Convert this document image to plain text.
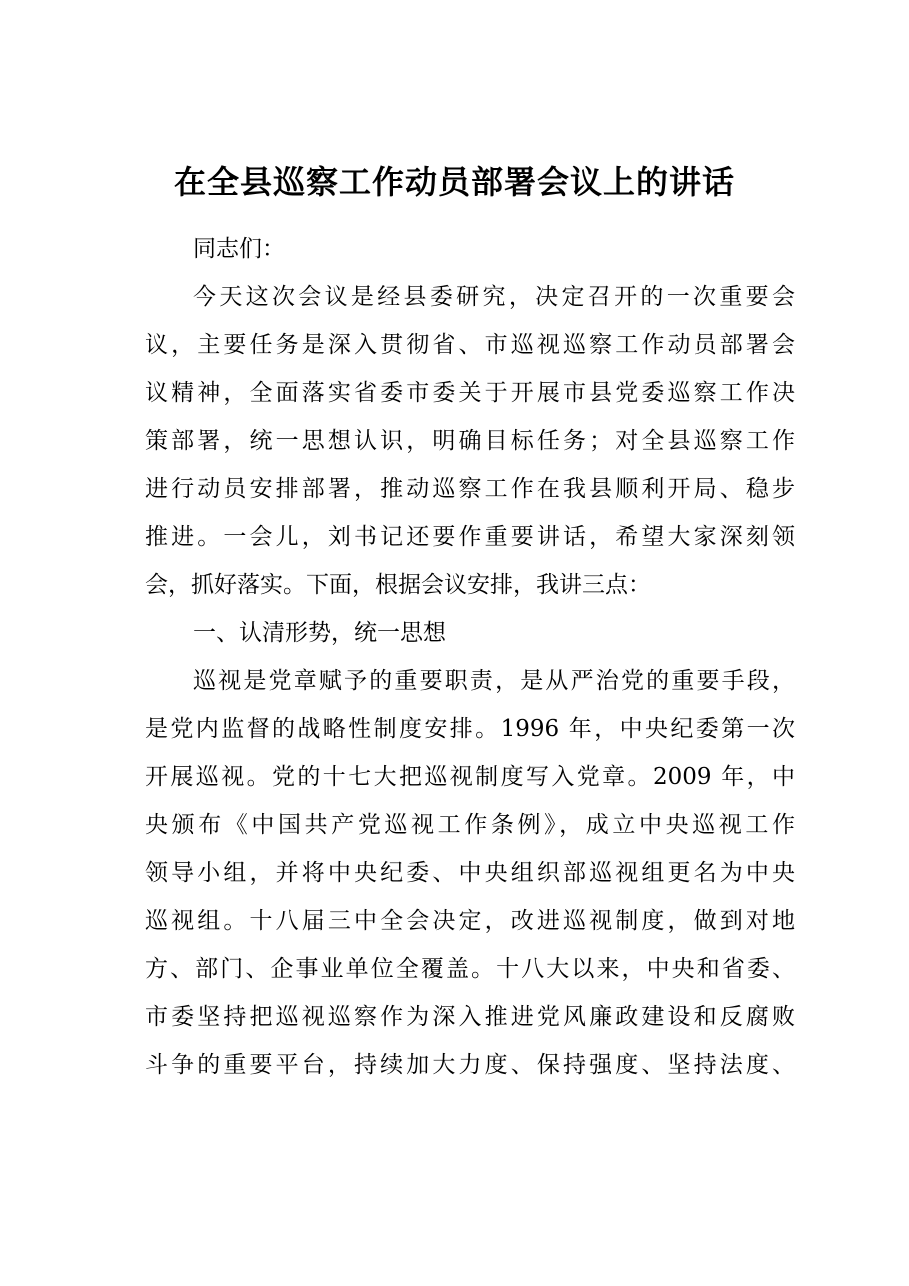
在全县巡察工作动员部署会议上的讲话
同志们：
今天这次会议是经县委研究，决定召开的一次重要会
议，主要任务是深入贯彻省、市巡视巡察工作动员部署会
议精神，全面落实省委市委关于开展市县党委巡察工作决
策部署，统一思想认识，明确目标任务；对全县巡察工作
进行动员安排部署，推动巡察工作在我县顺利开局、稳步
推进。一会儿，刘书记还要作重要讲话，希望大家深刻领
会，抓好落实。下面，根据会议安排，我讲三点：
一、认清形势，统一思想
巡视是党章赋予的重要职责，是从严治党的重要手段，
是党内监督的战略性制度安排。1996 年，中央纪委第一次
开展巡视。党的十七大把巡视制度写入党章。2009 年，中
央颁布《中国共产党巡视工作条例》，成立中央巡视工作
领导小组，并将中央纪委、中央组织部巡视组更名为中央
巡视组。十八届三中全会决定，改进巡视制度，做到对地
方、部门、企事业单位全覆盖。十八大以来，中央和省委、
市委坚持把巡视巡察作为深入推进党风廉政建设和反腐败
斗争的重要平台，持续加大力度、保持强度、坚持法度、
